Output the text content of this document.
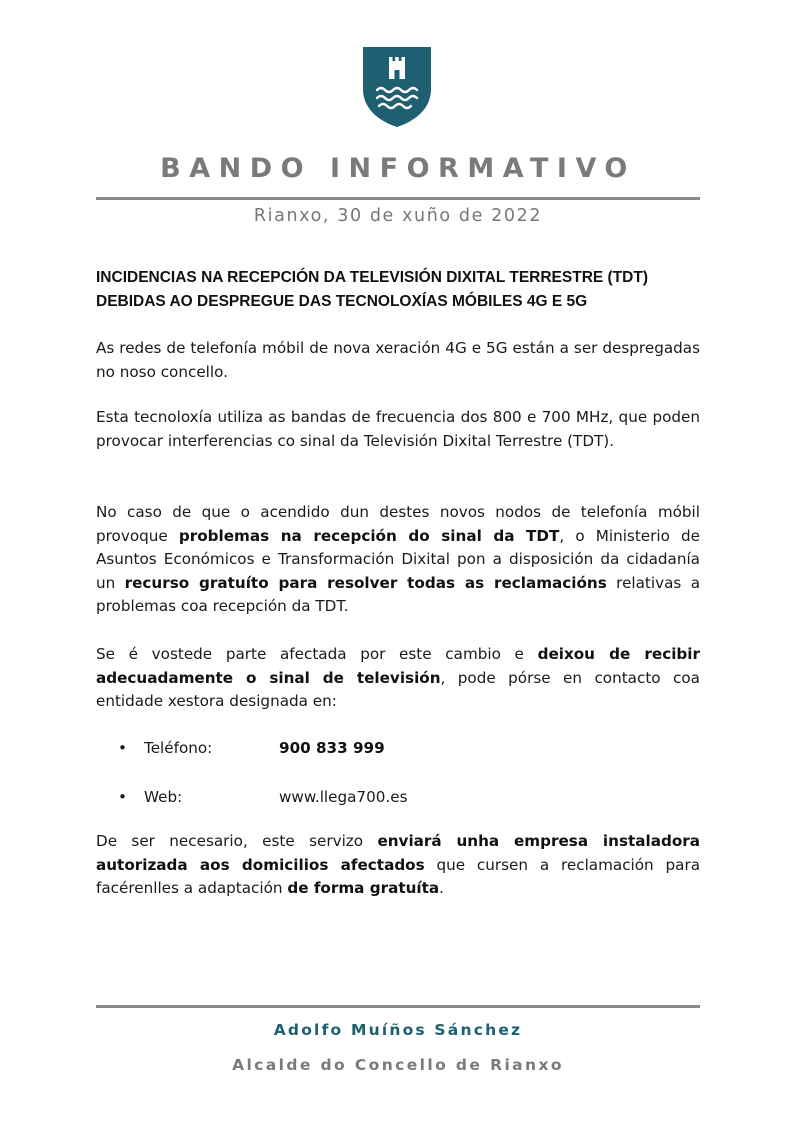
BANDO INFORMATIVO
Rianxo, 30 de xuño de 2022
INCIDENCIAS NA RECEPCIÓN DA TELEVISIÓN DIXITAL TERRESTRE (TDT)
DEBIDAS AO DESPREGUE DAS TECNOLOXÍAS MÓBILES 4G E 5G

As redes de telefonía móbil de nova xeración 4G e 5G están a ser despregadas no noso concello.

Esta tecnoloxía utiliza as bandas de frecuencia dos 800 e 700 MHz, que poden provocar interferencias co sinal da Televisión Dixital Terrestre (TDT).

No caso de que o acendido dun destes novos nodos de telefonía móbil provoque problemas na recepción do sinal da TDT, o Ministerio de Asuntos Económicos e Transformación Dixital pon a disposición da cidadanía un recurso gratuíto para resolver todas as reclamacións relativas a problemas coa recepción da TDT.

Se é vostede parte afectada por este cambio e deixou de recibir adecuadamente o sinal de televisión, pode pórse en contacto coa entidade xestora designada en:

• Teléfono:	900 833 999
• Web:	www.llega700.es

De ser necesario, este servizo enviará unha empresa instaladora autorizada aos domicilios afectados que cursen a reclamación para facérenlles a adaptación de forma gratuíta.

Adolfo Muíños Sánchez
Alcalde do Concello de Rianxo
